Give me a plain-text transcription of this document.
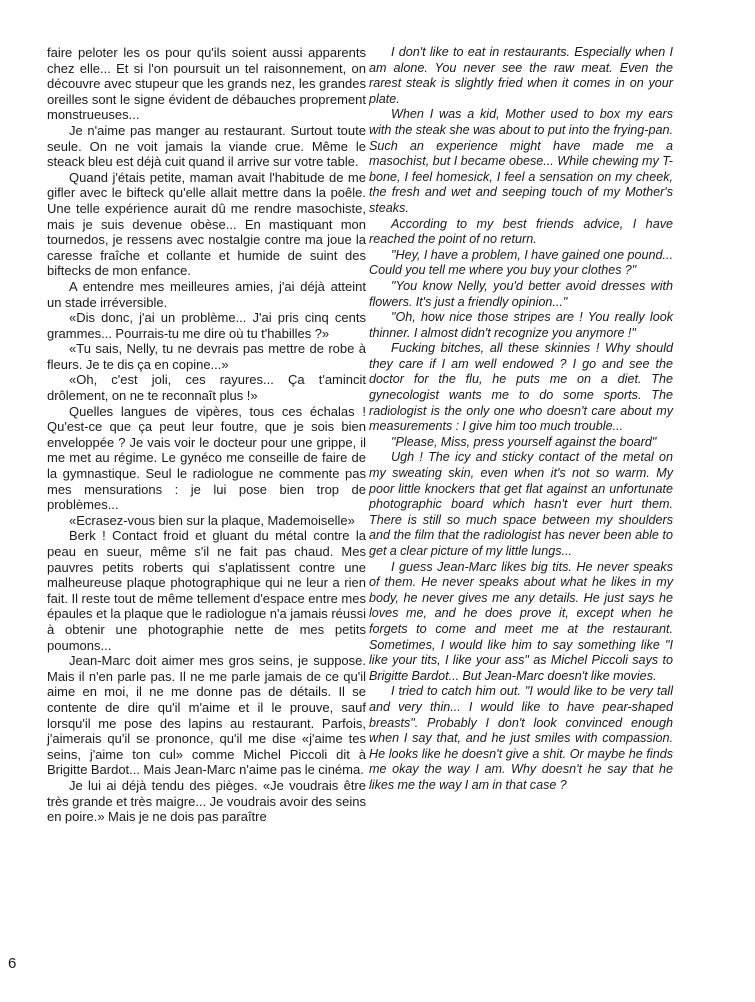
faire peloter les os pour qu'ils soient aussi apparents chez elle... Et si l'on poursuit un tel raisonnement, on découvre avec stupeur que les grands nez, les grandes oreilles sont le signe évident de débauches proprement monstrueuses...

Je n'aime pas manger au restaurant. Surtout toute seule. On ne voit jamais la viande crue. Même le steack bleu est déjà cuit quand il arrive sur votre table.

Quand j'étais petite, maman avait l'habitude de me gifler avec le bifteck qu'elle allait mettre dans la poêle. Une telle expérience aurait dû me rendre masochiste, mais je suis devenue obèse... En mastiquant mon tournedos, je ressens avec nostalgie contre ma joue la caresse fraîche et collante et humide de suint des biftecks de mon enfance.

A entendre mes meilleures amies, j'ai déjà atteint un stade irréversible.

«Dis donc, j'ai un problème... J'ai pris cinq cents grammes... Pourrais-tu me dire où tu t'habilles ?»

«Tu sais, Nelly, tu ne devrais pas mettre de robe à fleurs. Je te dis ça en copine...»

«Oh, c'est joli, ces rayures... Ça t'amincit drôlement, on ne te reconnaît plus !»

Quelles langues de vipères, tous ces échalas ! Qu'est-ce que ça peut leur foutre, que je sois bien enveloppée ? Je vais voir le docteur pour une grippe, il me met au régime. Le gynéco me conseille de faire de la gymnastique. Seul le radiologue ne commente pas mes mensurations : je lui pose bien trop de problèmes...

«Ecrasez-vous bien sur la plaque, Mademoiselle»

Berk ! Contact froid et gluant du métal contre la peau en sueur, même s'il ne fait pas chaud. Mes pauvres petits roberts qui s'aplatissent contre une malheureuse plaque photographique qui ne leur a rien fait. Il reste tout de même tellement d'espace entre mes épaules et la plaque que le radiologue n'a jamais réussi à obtenir une photographie nette de mes petits poumons...

Jean-Marc doit aimer mes gros seins, je suppose. Mais il n'en parle pas. Il ne me parle jamais de ce qu'il aime en moi, il ne me donne pas de détails. Il se contente de dire qu'il m'aime et il le prouve, sauf lorsqu'il me pose des lapins au restaurant. Parfois, j'aimerais qu'il se prononce, qu'il me dise «j'aime tes seins, j'aime ton cul» comme Michel Piccoli dit à Brigitte Bardot... Mais Jean-Marc n'aime pas le cinéma.

Je lui ai déjà tendu des pièges. «Je voudrais être très grande et très maigre... Je voudrais avoir des seins en poire.» Mais je ne dois pas paraître

I don't like to eat in restaurants. Especially when I am alone. You never see the raw meat. Even the rarest steak is slightly fried when it comes in on your plate.

When I was a kid, Mother used to box my ears with the steak she was about to put into the frying-pan. Such an experience might have made me a masochist, but I became obese... While chewing my T-bone, I feel homesick, I feel a sensation on my cheek, the fresh and wet and seeping touch of my Mother's steaks.

According to my best friends advice, I have reached the point of no return.

"Hey, I have a problem, I have gained one pound... Could you tell me where you buy your clothes ?"

"You know Nelly, you'd better avoid dresses with flowers. It's just a friendly opinion..."

"Oh, how nice those stripes are ! You really look thinner. I almost didn't recognize you anymore !"

Fucking bitches, all these skinnies ! Why should they care if I am well endowed ? I go and see the doctor for the flu, he puts me on a diet. The gynecologist wants me to do some sports. The radiologist is the only one who doesn't care about my measurements : I give him too much trouble...

"Please, Miss, press yourself against the board"

Ugh ! The icy and sticky contact of the metal on my sweating skin, even when it's not so warm. My poor little knockers that get flat against an unfortunate photographic board which hasn't ever hurt them. There is still so much space between my shoulders and the film that the radiologist has never been able to get a clear picture of my little lungs...

I guess Jean-Marc likes big tits. He never speaks of them. He never speaks about what he likes in my body, he never gives me any details. He just says he loves me, and he does prove it, except when he forgets to come and meet me at the restaurant. Sometimes, I would like him to say something like "I like your tits, I like your ass" as Michel Piccoli says to Brigitte Bardot... But Jean-Marc doesn't like movies.

I tried to catch him out. "I would like to be very tall and very thin... I would like to have pear-shaped breasts". Probably I don't look convinced enough when I say that, and he just smiles with compassion. He looks like he doesn't give a shit. Or maybe he finds me okay the way I am. Why doesn't he say that he likes me the way I am in that case ?

6
